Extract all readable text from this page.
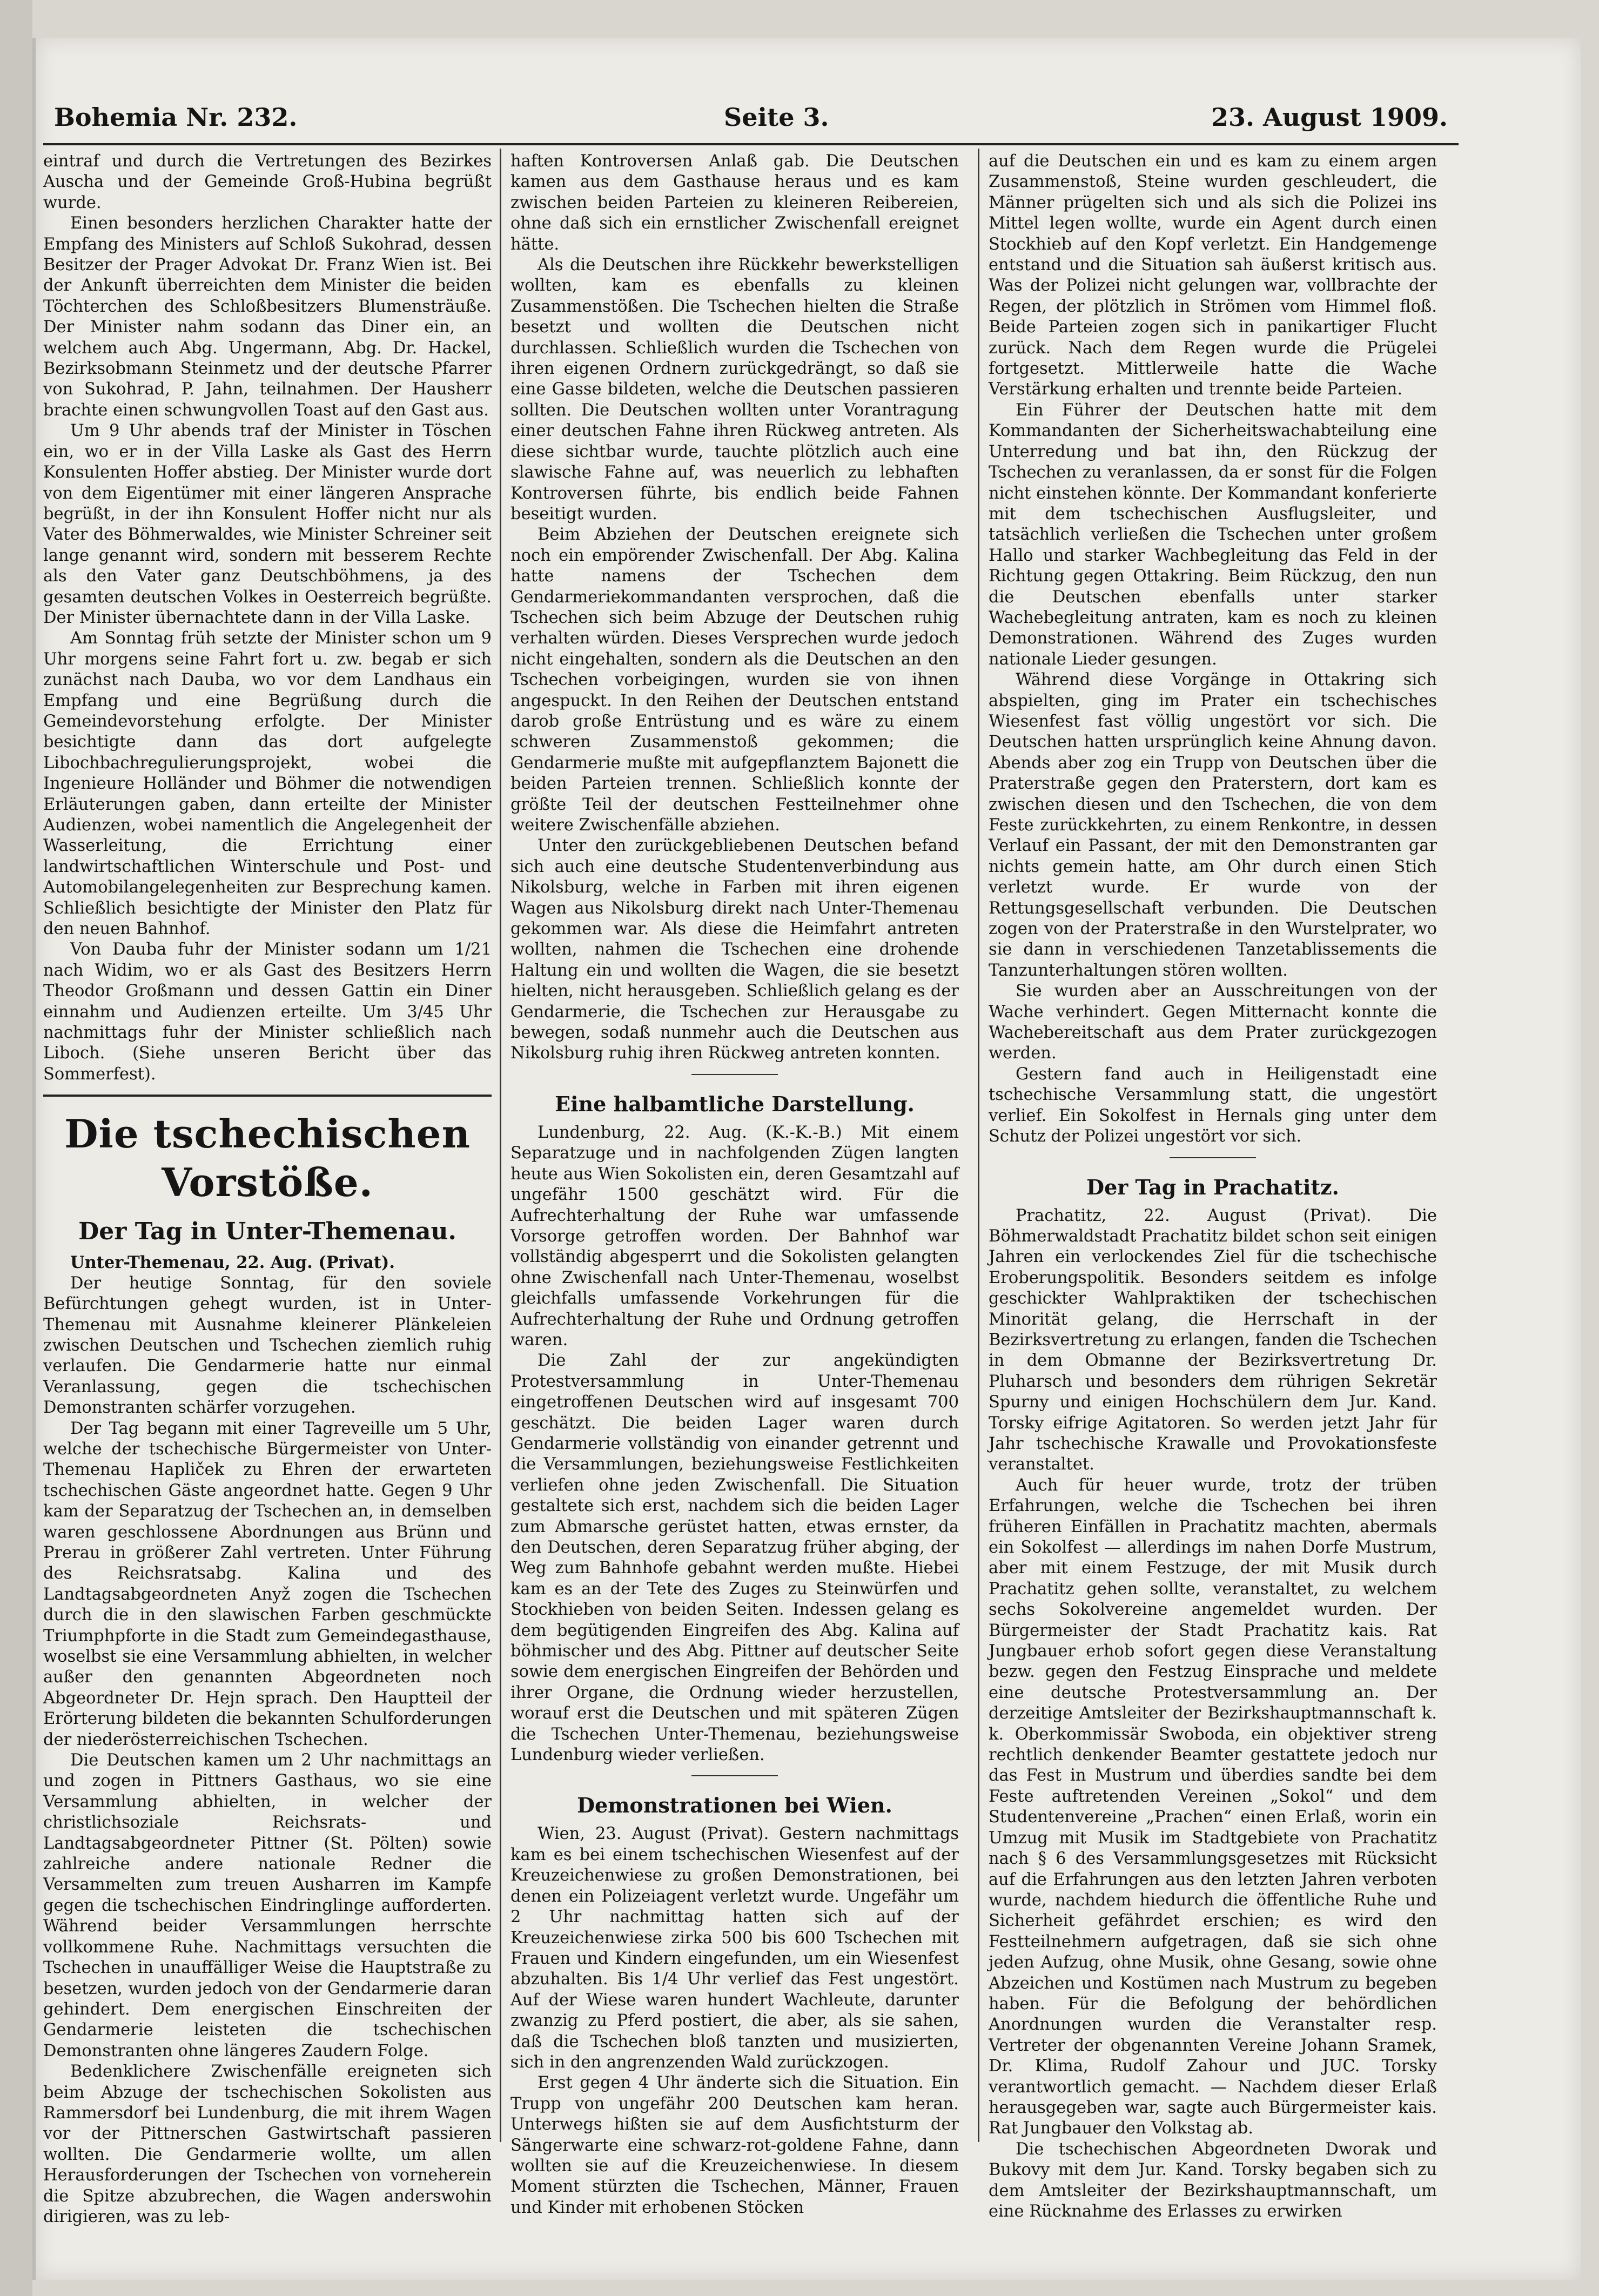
Bohemia Nr. 232.	Seite 3.	23. August 1909.

eintraf und durch die Vertretungen des Bezirkes Auscha und der Gemeinde Groß-Hubina begrüßt wurde.

Einen besonders herzlichen Charakter hatte der Empfang des Ministers auf Schloß Sukohrad, dessen Besitzer der Prager Advokat Dr. Franz Wien ist. Bei der Ankunft überreichten dem Minister die beiden Töchterchen des Schloßbesitzers Blumensträuße. Der Minister nahm sodann das Diner ein, an welchem auch Abg. Ungermann, Abg. Dr. Hackel, Bezirksobmann Steinmetz und der deutsche Pfarrer von Sukohrad, P. Jahn, teilnahmen. Der Hausherr brachte einen schwungvollen Toast auf den Gast aus.

Um 9 Uhr abends traf der Minister in Töschen ein, wo er in der Villa Laske als Gast des Herrn Konsulenten Hoffer abstieg. Der Minister wurde dort von dem Eigentümer mit einer längeren Ansprache begrüßt, in der ihn Konsulent Hoffer nicht nur als Vater des Böhmerwaldes, wie Minister Schreiner seit lange genannt wird, sondern mit besserem Rechte als den Vater ganz Deutschböhmens, ja des gesamten deutschen Volkes in Oesterreich begrüßte. Der Minister übernachtete dann in der Villa Laske.

Am Sonntag früh setzte der Minister schon um 9 Uhr morgens seine Fahrt fort u. zw. begab er sich zunächst nach Dauba, wo vor dem Landhaus ein Empfang und eine Begrüßung durch die Gemeindevorstehung erfolgte. Der Minister besichtigte dann das dort aufgelegte Libochbachregulierungsprojekt, wobei die Ingenieure Holländer und Böhmer die notwendigen Erläuterungen gaben, dann erteilte der Minister Audienzen, wobei namentlich die Angelegenheit der Wasserleitung, die Errichtung einer landwirtschaftlichen Winterschule und Post- und Automobilangelegenheiten zur Besprechung kamen. Schließlich besichtigte der Minister den Platz für den neuen Bahnhof.

Von Dauba fuhr der Minister sodann um 1/21 nach Widim, wo er als Gast des Besitzers Herrn Theodor Großmann und dessen Gattin ein Diner einnahm und Audienzen erteilte. Um 3/45 Uhr nachmittags fuhr der Minister schließlich nach Liboch. (Siehe unseren Bericht über das Sommerfest).

Die tschechischen Vorstöße.
Der Tag in Unter-Themenau.

Unter-Themenau, 22. Aug. (Privat).

Der heutige Sonntag, für den soviele Befürchtungen gehegt wurden, ist in Unter-Themenau mit Ausnahme kleinerer Plänkeleien zwischen Deutschen und Tschechen ziemlich ruhig verlaufen. Die Gendarmerie hatte nur einmal Veranlassung, gegen die tschechischen Demonstranten schärfer vorzugehen.

Der Tag begann mit einer Tagreveille um 5 Uhr, welche der tschechische Bürgermeister von Unter-Themenau Hapliček zu Ehren der erwarteten tschechischen Gäste angeordnet hatte. Gegen 9 Uhr kam der Separatzug der Tschechen an, in demselben waren geschlossene Abordnungen aus Brünn und Prerau in größerer Zahl vertreten. Unter Führung des Reichsratsabg. Kalina und des Landtagsabgeordneten Anyž zogen die Tschechen durch die in den slawischen Farben geschmückte Triumphpforte in die Stadt zum Gemeindegasthause, woselbst sie eine Versammlung abhielten, in welcher außer den genannten Abgeordneten noch Abgeordneter Dr. Hejn sprach. Den Hauptteil der Erörterung bildeten die bekannten Schulforderungen der niederösterreichischen Tschechen.

Die Deutschen kamen um 2 Uhr nachmittags an und zogen in Pittners Gasthaus, wo sie eine Versammlung abhielten, in welcher der christlichsoziale Reichsrats- und Landtagsabgeordneter Pittner (St. Pölten) sowie zahlreiche andere nationale Redner die Versammelten zum treuen Ausharren im Kampfe gegen die tschechischen Eindringlinge aufforderten. Während beider Versammlungen herrschte vollkommene Ruhe. Nachmittags versuchten die Tschechen in unauffälliger Weise die Hauptstraße zu besetzen, wurden jedoch von der Gendarmerie daran gehindert. Dem energischen Einschreiten der Gendarmerie leisteten die tschechischen Demonstranten ohne längeres Zaudern Folge.

Bedenklichere Zwischenfälle ereigneten sich beim Abzuge der tschechischen Sokolisten aus Rammersdorf bei Lundenburg, die mit ihrem Wagen vor der Pittnerschen Gastwirtschaft passieren wollten. Die Gendarmerie wollte, um allen Herausforderungen der Tschechen von vorneherein die Spitze abzubrechen, die Wagen anderswohin dirigieren, was zu leb-

haften Kontroversen Anlaß gab. Die Deutschen kamen aus dem Gasthause heraus und es kam zwischen beiden Parteien zu kleineren Reibereien, ohne daß sich ein ernstlicher Zwischenfall ereignet hätte.

Als die Deutschen ihre Rückkehr bewerkstelligen wollten, kam es ebenfalls zu kleinen Zusammenstößen. Die Tschechen hielten die Straße besetzt und wollten die Deutschen nicht durchlassen. Schließlich wurden die Tschechen von ihren eigenen Ordnern zurückgedrängt, so daß sie eine Gasse bildeten, welche die Deutschen passieren sollten. Die Deutschen wollten unter Vorantragung einer deutschen Fahne ihren Rückweg antreten. Als diese sichtbar wurde, tauchte plötzlich auch eine slawische Fahne auf, was neuerlich zu lebhaften Kontroversen führte, bis endlich beide Fahnen beseitigt wurden.

Beim Abziehen der Deutschen ereignete sich noch ein empörender Zwischenfall. Der Abg. Kalina hatte namens der Tschechen dem Gendarmeriekommandanten versprochen, daß die Tschechen sich beim Abzuge der Deutschen ruhig verhalten würden. Dieses Versprechen wurde jedoch nicht eingehalten, sondern als die Deutschen an den Tschechen vorbeigingen, wurden sie von ihnen angespuckt. In den Reihen der Deutschen entstand darob große Entrüstung und es wäre zu einem schweren Zusammenstoß gekommen; die Gendarmerie mußte mit aufgepflanztem Bajonett die beiden Parteien trennen. Schließlich konnte der größte Teil der deutschen Festteilnehmer ohne weitere Zwischenfälle abziehen.

Unter den zurückgebliebenen Deutschen befand sich auch eine deutsche Studentenverbindung aus Nikolsburg, welche in Farben mit ihren eigenen Wagen aus Nikolsburg direkt nach Unter-Themenau gekommen war. Als diese die Heimfahrt antreten wollten, nahmen die Tschechen eine drohende Haltung ein und wollten die Wagen, die sie besetzt hielten, nicht herausgeben. Schließlich gelang es der Gendarmerie, die Tschechen zur Herausgabe zu bewegen, sodaß nunmehr auch die Deutschen aus Nikolsburg ruhig ihren Rückweg antreten konnten.

Eine halbamtliche Darstellung.

Lundenburg, 22. Aug. (K.-K.-B.) Mit einem Separatzuge und in nachfolgenden Zügen langten heute aus Wien Sokolisten ein, deren Gesamtzahl auf ungefähr 1500 geschätzt wird. Für die Aufrechterhaltung der Ruhe war umfassende Vorsorge getroffen worden. Der Bahnhof war vollständig abgesperrt und die Sokolisten gelangten ohne Zwischenfall nach Unter-Themenau, woselbst gleichfalls umfassende Vorkehrungen für die Aufrechterhaltung der Ruhe und Ordnung getroffen waren.

Die Zahl der zur angekündigten Protestversammlung in Unter-Themenau eingetroffenen Deutschen wird auf insgesamt 700 geschätzt. Die beiden Lager waren durch Gendarmerie vollständig von einander getrennt und die Versammlungen, beziehungsweise Festlichkeiten verliefen ohne jeden Zwischenfall. Die Situation gestaltete sich erst, nachdem sich die beiden Lager zum Abmarsche gerüstet hatten, etwas ernster, da den Deutschen, deren Separatzug früher abging, der Weg zum Bahnhofe gebahnt werden mußte. Hiebei kam es an der Tete des Zuges zu Steinwürfen und Stockhieben von beiden Seiten. Indessen gelang es dem begütigenden Eingreifen des Abg. Kalina auf böhmischer und des Abg. Pittner auf deutscher Seite sowie dem energischen Eingreifen der Behörden und ihrer Organe, die Ordnung wieder herzustellen, worauf erst die Deutschen und mit späteren Zügen die Tschechen Unter-Themenau, beziehungsweise Lundenburg wieder verließen.

Demonstrationen bei Wien.

Wien, 23. August (Privat). Gestern nachmittags kam es bei einem tschechischen Wiesenfest auf der Kreuzeichenwiese zu großen Demonstrationen, bei denen ein Polizeiagent verletzt wurde. Ungefähr um 2 Uhr nachmittag hatten sich auf der Kreuzeichenwiese zirka 500 bis 600 Tschechen mit Frauen und Kindern eingefunden, um ein Wiesenfest abzuhalten. Bis 1/4 Uhr verlief das Fest ungestört. Auf der Wiese waren hundert Wachleute, darunter zwanzig zu Pferd postiert, die aber, als sie sahen, daß die Tschechen bloß tanzten und musizierten, sich in den angrenzenden Wald zurückzogen.

Erst gegen 4 Uhr änderte sich die Situation. Ein Trupp von ungefähr 200 Deutschen kam heran. Unterwegs hißten sie auf dem Ausfichtsturm der Sängerwarte eine schwarz-rot-goldene Fahne, dann wollten sie auf die Kreuzeichenwiese. In diesem Moment stürzten die Tschechen, Männer, Frauen und Kinder mit erhobenen Stöcken

auf die Deutschen ein und es kam zu einem argen Zusammenstoß, Steine wurden geschleudert, die Männer prügelten sich und als sich die Polizei ins Mittel legen wollte, wurde ein Agent durch einen Stockhieb auf den Kopf verletzt. Ein Handgemenge entstand und die Situation sah äußerst kritisch aus. Was der Polizei nicht gelungen war, vollbrachte der Regen, der plötzlich in Strömen vom Himmel floß. Beide Parteien zogen sich in panikartiger Flucht zurück. Nach dem Regen wurde die Prügelei fortgesetzt. Mittlerweile hatte die Wache Verstärkung erhalten und trennte beide Parteien.

Ein Führer der Deutschen hatte mit dem Kommandanten der Sicherheitswachabteilung eine Unterredung und bat ihn, den Rückzug der Tschechen zu veranlassen, da er sonst für die Folgen nicht einstehen könnte. Der Kommandant konferierte mit dem tschechischen Ausflugsleiter, und tatsächlich verließen die Tschechen unter großem Hallo und starker Wachbegleitung das Feld in der Richtung gegen Ottakring. Beim Rückzug, den nun die Deutschen ebenfalls unter starker Wachebegleitung antraten, kam es noch zu kleinen Demonstrationen. Während des Zuges wurden nationale Lieder gesungen.

Während diese Vorgänge in Ottakring sich abspielten, ging im Prater ein tschechisches Wiesenfest fast völlig ungestört vor sich. Die Deutschen hatten ursprünglich keine Ahnung davon. Abends aber zog ein Trupp von Deutschen über die Praterstraße gegen den Praterstern, dort kam es zwischen diesen und den Tschechen, die von dem Feste zurückkehrten, zu einem Renkontre, in dessen Verlauf ein Passant, der mit den Demonstranten gar nichts gemein hatte, am Ohr durch einen Stich verletzt wurde. Er wurde von der Rettungsgesellschaft verbunden. Die Deutschen zogen von der Praterstraße in den Wurstelprater, wo sie dann in verschiedenen Tanzetablissements die Tanzunterhaltungen stören wollten.

Sie wurden aber an Ausschreitungen von der Wache verhindert. Gegen Mitternacht konnte die Wachebereitschaft aus dem Prater zurückgezogen werden.

Gestern fand auch in Heiligenstadt eine tschechische Versammlung statt, die ungestört verlief. Ein Sokolfest in Hernals ging unter dem Schutz der Polizei ungestört vor sich.

Der Tag in Prachatitz.

Prachatitz, 22. August (Privat). Die Böhmerwaldstadt Prachatitz bildet schon seit einigen Jahren ein verlockendes Ziel für die tschechische Eroberungspolitik. Besonders seitdem es infolge geschickter Wahlpraktiken der tschechischen Minorität gelang, die Herrschaft in der Bezirksvertretung zu erlangen, fanden die Tschechen in dem Obmanne der Bezirksvertretung Dr. Pluharsch und besonders dem rührigen Sekretär Spurny und einigen Hochschülern dem Jur. Kand. Torsky eifrige Agitatoren. So werden jetzt Jahr für Jahr tschechische Krawalle und Provokationsfeste veranstaltet.

Auch für heuer wurde, trotz der trüben Erfahrungen, welche die Tschechen bei ihren früheren Einfällen in Prachatitz machten, abermals ein Sokolfest — allerdings im nahen Dorfe Mustrum, aber mit einem Festzuge, der mit Musik durch Prachatitz gehen sollte, veranstaltet, zu welchem sechs Sokolvereine angemeldet wurden. Der Bürgermeister der Stadt Prachatitz kais. Rat Jungbauer erhob sofort gegen diese Veranstaltung bezw. gegen den Festzug Einsprache und meldete eine deutsche Protestversammlung an. Der derzeitige Amtsleiter der Bezirkshauptmannschaft k. k. Oberkommissär Swoboda, ein objektiver streng rechtlich denkender Beamter gestattete jedoch nur das Fest in Mustrum und überdies sandte bei dem Feste auftretenden Vereinen „Sokol“ und dem Studentenvereine „Prachen“ einen Erlaß, worin ein Umzug mit Musik im Stadtgebiete von Prachatitz nach § 6 des Versammlungsgesetzes mit Rücksicht auf die Erfahrungen aus den letzten Jahren verboten wurde, nachdem hiedurch die öffentliche Ruhe und Sicherheit gefährdet erschien; es wird den Festteilnehmern aufgetragen, daß sie sich ohne jeden Aufzug, ohne Musik, ohne Gesang, sowie ohne Abzeichen und Kostümen nach Mustrum zu begeben haben. Für die Befolgung der behördlichen Anordnungen wurden die Veranstalter resp. Vertreter der obgenannten Vereine Johann Sramek, Dr. Klima, Rudolf Zahour und JUC. Torsky verantwortlich gemacht. — Nachdem dieser Erlaß herausgegeben war, sagte auch Bürgermeister kais. Rat Jungbauer den Volkstag ab.

Die tschechischen Abgeordneten Dworak und Bukovy mit dem Jur. Kand. Torsky begaben sich zu dem Amtsleiter der Bezirkshauptmannschaft, um eine Rücknahme des Erlasses zu erwirken
